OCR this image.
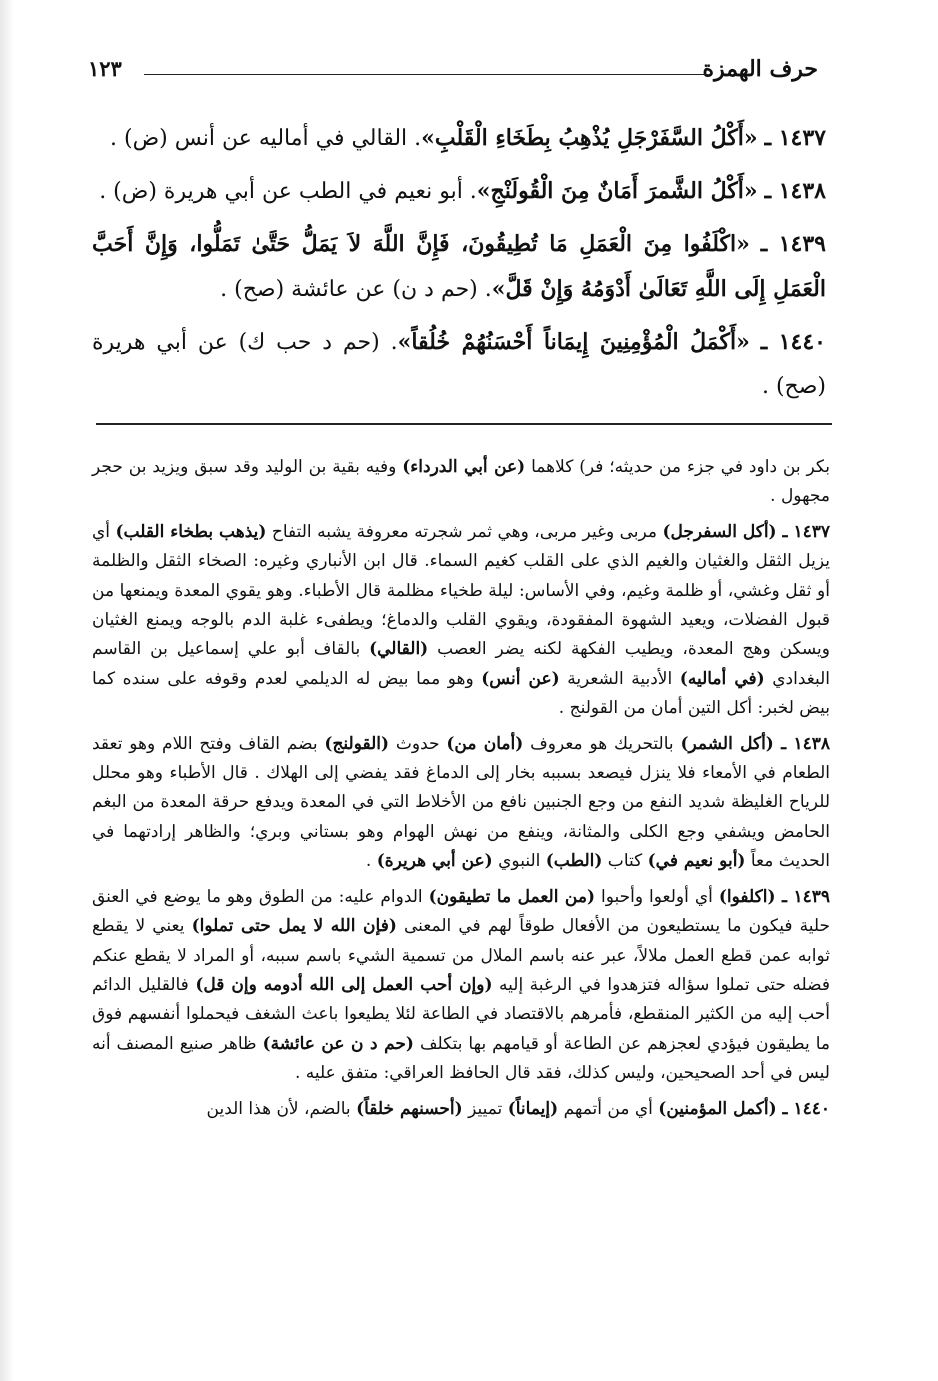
حرف الهمزة
١٢٣

١٤٣٧ ـ «أَكْلُ السَّفَرْجَلِ يُذْهِبُ بِطَخَاءِ الْقَلْبِ». القالي في أماليه عن أنس (ض) .

١٤٣٨ ـ «أَكْلُ الشَّمرَ أَمَانٌ مِنَ الْقُولَنْجِ». أبو نعيم في الطب عن أبي هريرة (ض) .

١٤٣٩ ـ «اكْلَفُوا مِنَ الْعَمَلِ مَا تُطِيقُونَ، فَإِنَّ اللَّهَ لاَ يَمَلُّ حَتَّىٰ تَمَلُّوا، وَإِنَّ أَحَبَّ الْعَمَلِ إِلَى اللَّهِ تَعَالَىٰ أَدْوَمُهُ وَإِنْ قَلَّ». (حم د ن) عن عائشة (صح) .

١٤٤٠ ـ «أَكْمَلُ الْمُؤْمِنِينَ إِيمَاناً أَحْسَنُهُمْ خُلُقاً». (حم د حب ك) عن أبي هريرة (صح) .

بكر بن داود في جزء من حديثه؛ فر) كلاهما (عن أبي الدرداء) وفيه بقية بن الوليد وقد سبق ويزيد بن حجر مجهول .

١٤٣٧ ـ (أكل السفرجل) مربى وغير مربى، وهي ثمر شجرته معروفة يشبه التفاح (يذهب بطخاء القلب) أي يزيل الثقل والغثيان والغيم الذي على القلب كغيم السماء. قال ابن الأنباري وغيره: الصخاء الثقل والظلمة أو ثقل وغشي، أو ظلمة وغيم، وفي الأساس: ليلة طخياء مظلمة قال الأطباء. وهو يقوي المعدة ويمنعها من قبول الفضلات، ويعيد الشهوة المفقودة، ويقوي القلب والدماغ؛ ويطفىء غلبة الدم بالوجه ويمنع الغثيان ويسكن وهج المعدة، ويطيب الفكهة لكنه يضر العصب (القالي) بالقاف أبو علي إسماعيل بن القاسم البغدادي (في أماليه) الأدبية الشعرية (عن أنس) وهو مما بيض له الديلمي لعدم وقوفه على سنده كما بيض لخبر: أكل التين أمان من القولنج .

١٤٣٨ ـ (أكل الشمر) بالتحريك هو معروف (أمان من) حدوث (القولنج) بضم القاف وفتح اللام وهو تعقد الطعام في الأمعاء فلا ينزل فيصعد بسببه بخار إلى الدماغ فقد يفضي إلى الهلاك . قال الأطباء وهو محلل للرياح الغليظة شديد النفع من وجع الجنبين نافع من الأخلاط التي في المعدة ويدفع حرقة المعدة من البغم الحامض ويشفي وجع الكلى والمثانة، وينفع من نهش الهوام وهو بستاني وبري؛ والظاهر إرادتهما في الحديث معاً (أبو نعيم في) كتاب (الطب) النبوي (عن أبي هريرة) .

١٤٣٩ ـ (اكلفوا) أي أولعوا وأحبوا (من العمل ما تطيقون) الدوام عليه: من الطوق وهو ما يوضع في العنق حلية فيكون ما يستطيعون من الأفعال طوقاً لهم في المعنى (فإن الله لا يمل حتى تملوا) يعني لا يقطع ثوابه عمن قطع العمل ملالاً، عبر عنه باسم الملال من تسمية الشيء باسم سببه، أو المراد لا يقطع عنكم فضله حتى تملوا سؤاله فتزهدوا في الرغبة إليه (وإن أحب العمل إلى الله أدومه وإن قل) فالقليل الدائم أحب إليه من الكثير المنقطع، فأمرهم بالاقتصاد في الطاعة لئلا يطيعوا باعث الشغف فيحملوا أنفسهم فوق ما يطيقون فيؤدي لعجزهم عن الطاعة أو قيامهم بها بتكلف (حم د ن عن عائشة) ظاهر صنيع المصنف أنه ليس في أحد الصحيحين، وليس كذلك، فقد قال الحافظ العراقي: متفق عليه .

١٤٤٠ ـ (أكمل المؤمنين) أي من أتمهم (إيماناً) تمييز (أحسنهم خلقاً) بالضم، لأن هذا الدين
